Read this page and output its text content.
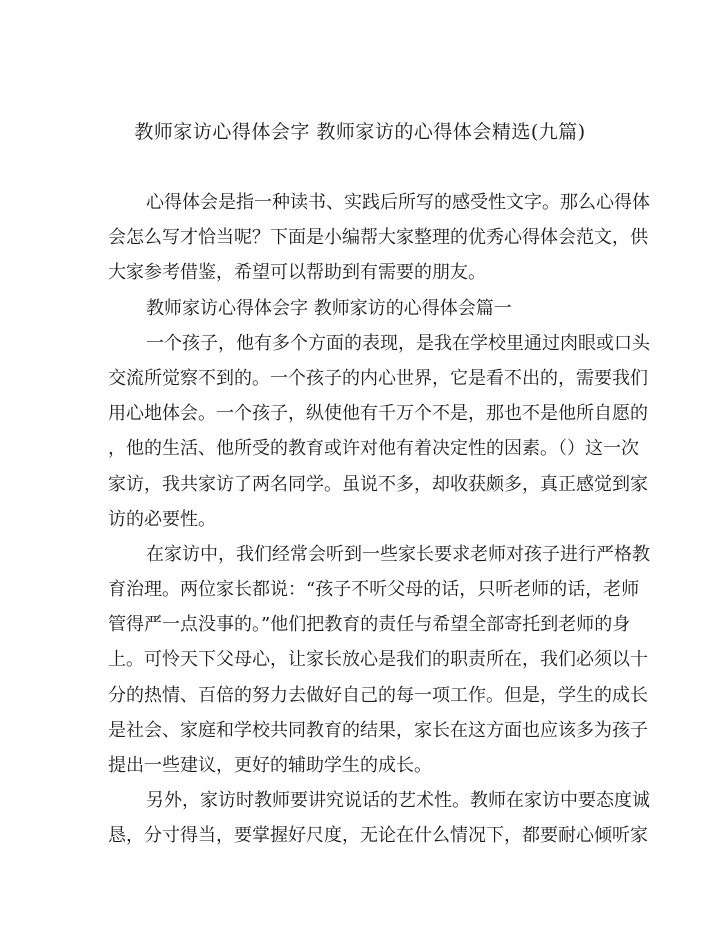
教师家访心得体会字 教师家访的心得体会精选(九篇)
心得体会是指一种读书、实践后所写的感受性文字。那么心得体
会怎么写才恰当呢？下面是小编帮大家整理的优秀心得体会范文，供
大家参考借鉴，希望可以帮助到有需要的朋友。
教师家访心得体会字 教师家访的心得体会篇一
一个孩子，他有多个方面的表现，是我在学校里通过肉眼或口头
交流所觉察不到的。一个孩子的内心世界，它是看不出的，需要我们
用心地体会。一个孩子，纵使他有千万个不是，那也不是他所自愿的
，他的生活、他所受的教育或许对他有着决定性的因素。（）这一次
家访，我共家访了两名同学。虽说不多，却收获颇多，真正感觉到家
访的必要性。
在家访中，我们经常会听到一些家长要求老师对孩子进行严格教
育治理。两位家长都说：“孩子不听父母的话，只听老师的话，老师
管得严一点没事的。”他们把教育的责任与希望全部寄托到老师的身
上。可怜天下父母心，让家长放心是我们的职责所在，我们必须以十
分的热情、百倍的努力去做好自己的每一项工作。但是，学生的成长
是社会、家庭和学校共同教育的结果，家长在这方面也应该多为孩子
提出一些建议，更好的辅助学生的成长。
另外，家访时教师要讲究说话的艺术性。教师在家访中要态度诚
恳，分寸得当，要掌握好尺度，无论在什么情况下，都要耐心倾听家
